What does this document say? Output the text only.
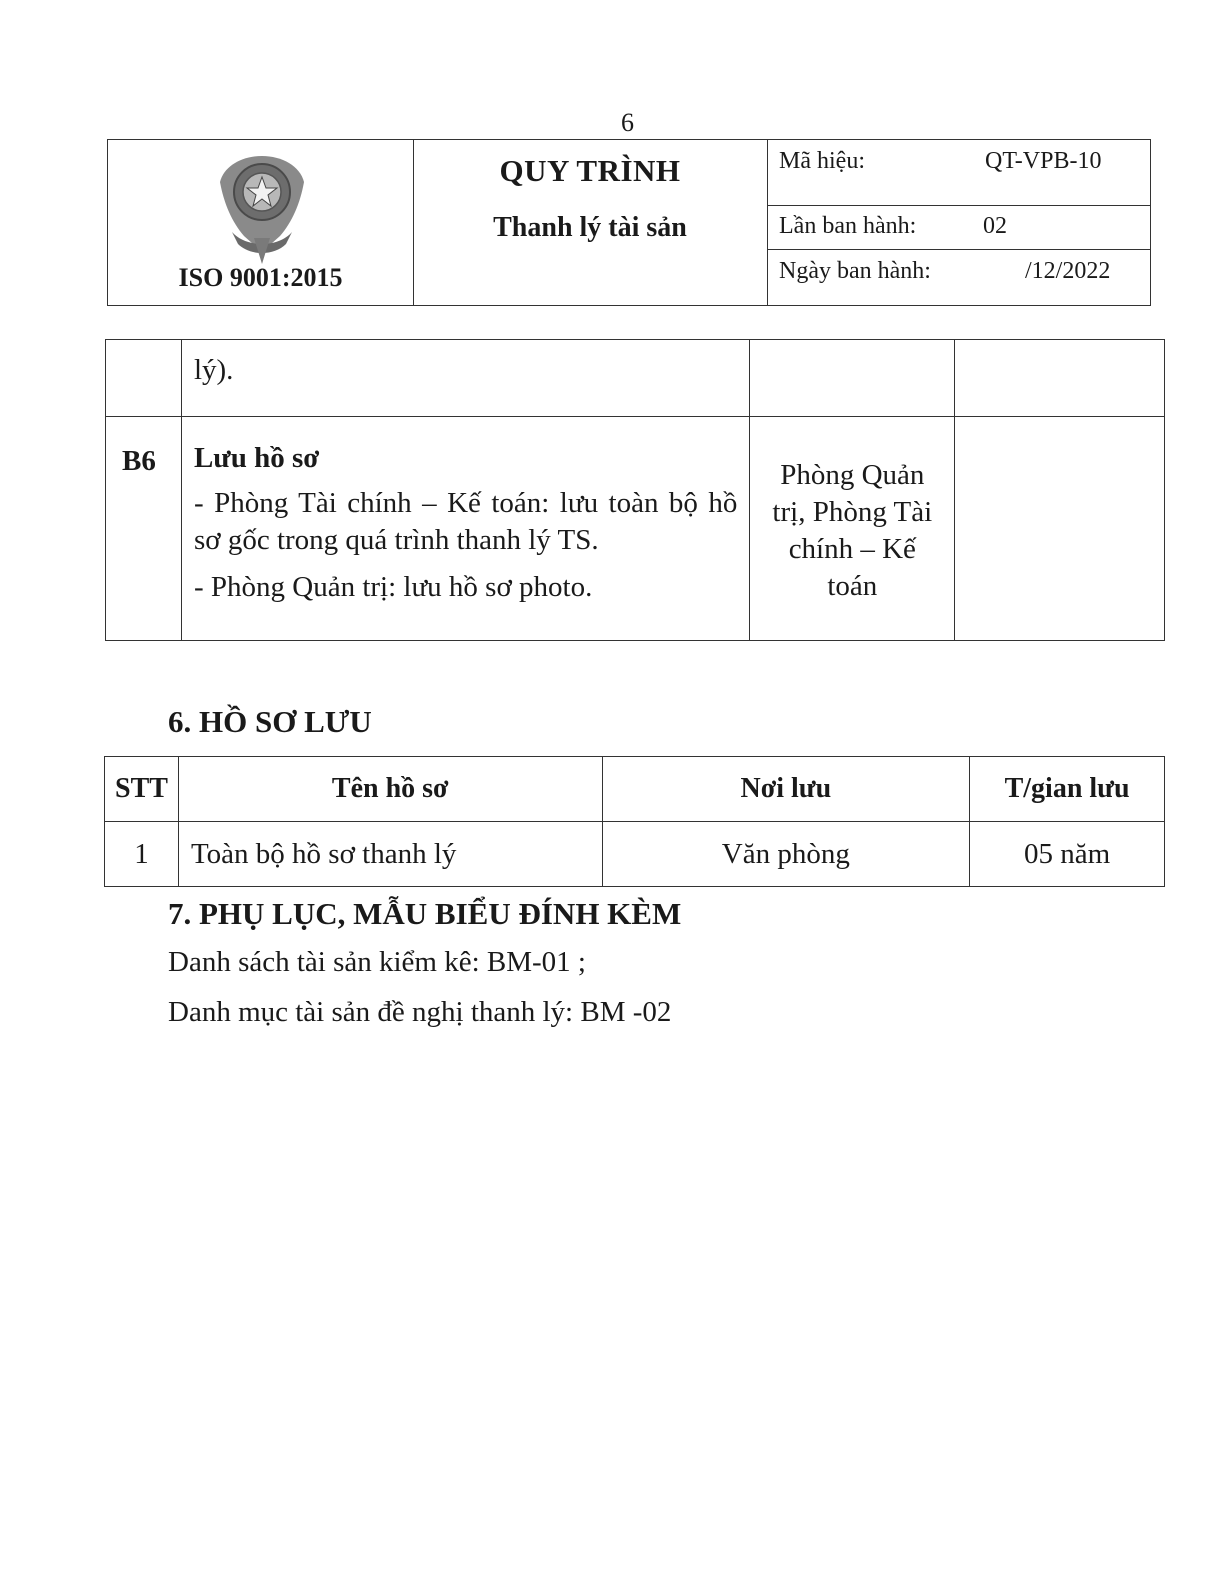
6
ISO 9001:2015
QUY TRÌNH
Thanh lý tài sản
Mã hiệu:	QT-VPB-10
Lần ban hành:	02
Ngày ban hành:	/12/2022

	lý).		

B6	Lưu hồ sơ

- Phòng Tài chính – Kế toán: lưu toàn bộ hồ sơ gốc trong quá trình thanh lý TS.

- Phòng Quản trị: lưu hồ sơ photo.	Phòng Quản trị, Phòng Tài chính – Kế toán	

6. HỒ SƠ LƯU
STT	Tên hồ sơ	Nơi lưu	T/gian lưu
1	Toàn bộ hồ sơ thanh lý	Văn phòng	05 năm
7. PHỤ LỤC, MẪU BIỂU ĐÍNH KÈM
Danh sách tài sản kiểm kê: BM-01 ;
Danh mục tài sản đề nghị thanh lý: BM -02
